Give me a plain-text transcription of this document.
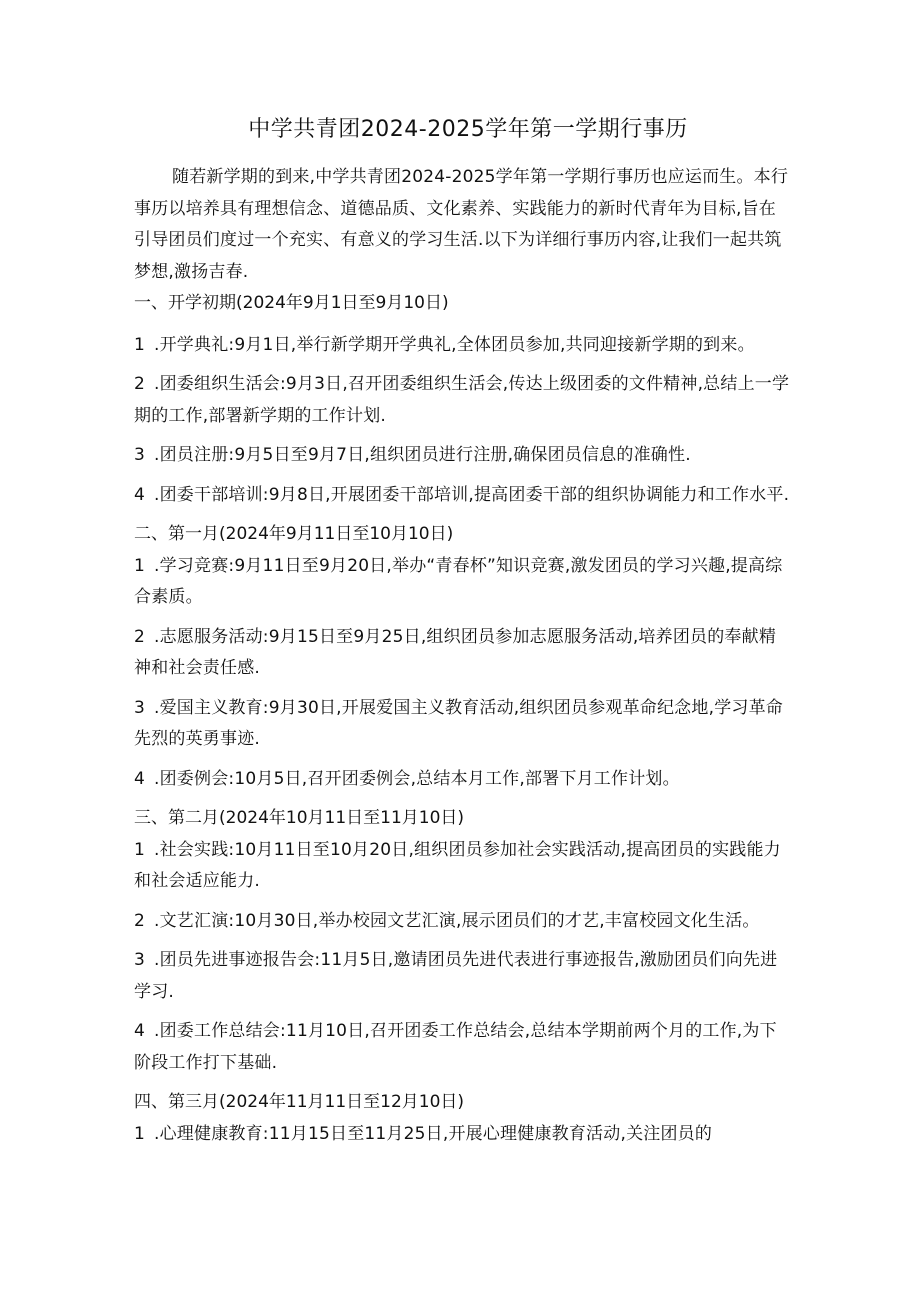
中学共青团2024-2025学年第一学期行事历

随若新学期的到来,中学共青团2024-2025学年第一学期行事历也应运而生。本行事历以培养具有理想信念、道德品质、文化素养、实践能力的新时代青年为目标,旨在引导团员们度过一个充实、有意义的学习生活.以下为详细行事历内容,让我们一起共筑梦想,激扬吉春.

一、开学初期(2024年9月1日至9月10日)

1 .开学典礼:9月1日,举行新学期开学典礼,全体团员参加,共同迎接新学期的到来。

2 .团委组织生活会:9月3日,召开团委组织生活会,传达上级团委的文件精神,总结上一学期的工作,部署新学期的工作计划.

3 .团员注册:9月5日至9月7日,组织团员进行注册,确保团员信息的准确性.

4 .团委干部培训:9月8日,开展团委干部培训,提高团委干部的组织协调能力和工作水平.

二、第一月(2024年9月11日至10月10日)

1 .学习竞赛:9月11日至9月20日,举办“青春杯”知识竞赛,激发团员的学习兴趣,提高综合素质。

2 .志愿服务活动:9月15日至9月25日,组织团员参加志愿服务活动,培养团员的奉献精神和社会责任感.

3 .爱国主义教育:9月30日,开展爱国主义教育活动,组织团员参观革命纪念地,学习革命先烈的英勇事迹.

4 .团委例会:10月5日,召开团委例会,总结本月工作,部署下月工作计划。

三、第二月(2024年10月11日至11月10日)

1 .社会实践:10月11日至10月20日,组织团员参加社会实践活动,提高团员的实践能力和社会适应能力.

2 .文艺汇演:10月30日,举办校园文艺汇演,展示团员们的才艺,丰富校园文化生活。

3 .团员先进事迹报告会:11月5日,邀请团员先进代表进行事迹报告,激励团员们向先进学习.

4 .团委工作总结会:11月10日,召开团委工作总结会,总结本学期前两个月的工作,为下阶段工作打下基础.

四、第三月(2024年11月11日至12月10日)

1 .心理健康教育:11月15日至11月25日,开展心理健康教育活动,关注团员的
